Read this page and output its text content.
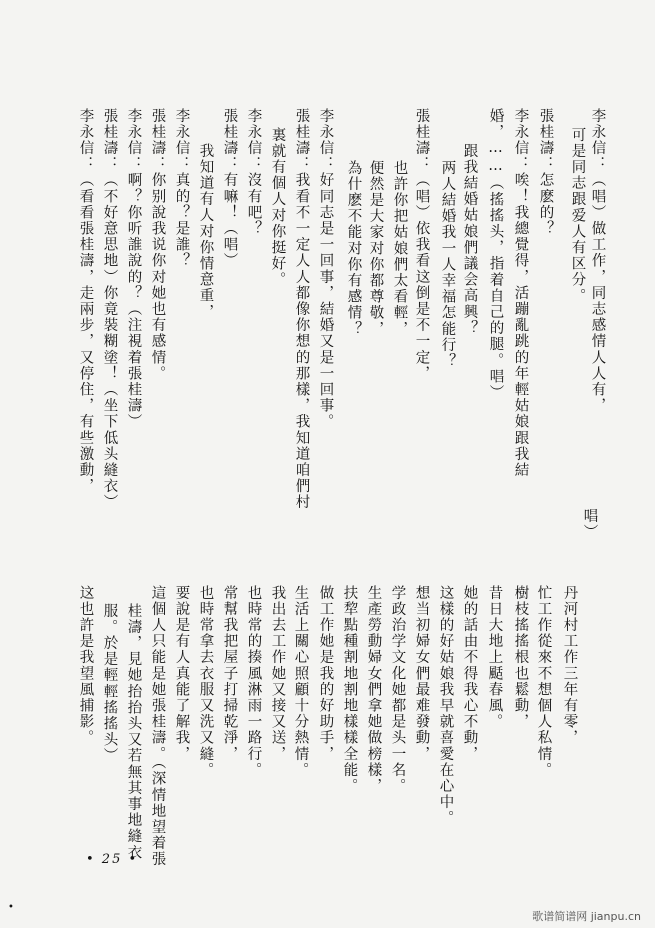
李永信：（唱）做工作，同志感情人人有，
可是同志跟爱人有区分。
張桂濤：怎麽的？
李永信：唉！我總覺得，活蹦亂跳的年輕姑娘跟我結
婚，……（搖搖头，指着自己的腿。唱）
跟我結婚姑娘們議会高興？
两人結婚我一人幸福怎能行？
張桂濤：（唱）依我看这倒是不一定，
也許你把姑娘們太看輕，
便然是大家对你都尊敬，
為什麽不能对你有感情？
李永信：好同志是一回事，結婚又是一回事。
張桂濤：我看不一定人人都像你想的那樣，我知道咱們村
裏就有個人对你挺好。
李永信：沒有吧？
張桂濤：有嘛！（唱）
我知道有人对你情意重，
李永信：真的？是誰？
張桂濤：你别說我说你对她也有感情。
李永信：啊？你听誰說的？（注視着張桂濤）
張桂濤：（不好意思地）你竟裝糊塗！（坐下低头縫衣）
李永信：（看看張桂濤，走兩步，又停住，有些激動，
唱）
丹河村工作三年有零，
忙工作從來不想個人私情。
樹枝搖搖根也鬆動，
昔日大地上颳春風。
她的話由不得我心不動，
这樣的好姑娘我早就喜愛在心中。
想当初婦女們最难發動，
学政治学文化她都是头一名。
生產勞動婦女們拿她做榜樣，
扶犂點種割地割地樣樣全能。
做工作她是我的好助手，
生活上關心照顧十分熱情。
我出去工作她又接又送，
也時常的揍風淋雨一路行。
常幫我把屋子打掃乾淨，
也時常拿去衣服又洗又縫。
要說是有人真能了解我，
這個人只能是她張桂濤。（深情地望着張
桂濤，見她抬抬头又若無其事地縫衣
服。於是輕輕搖搖头）
这也許是我望風捕影。
• 25 •
•
歌谱简谱网 jianpu.cn
